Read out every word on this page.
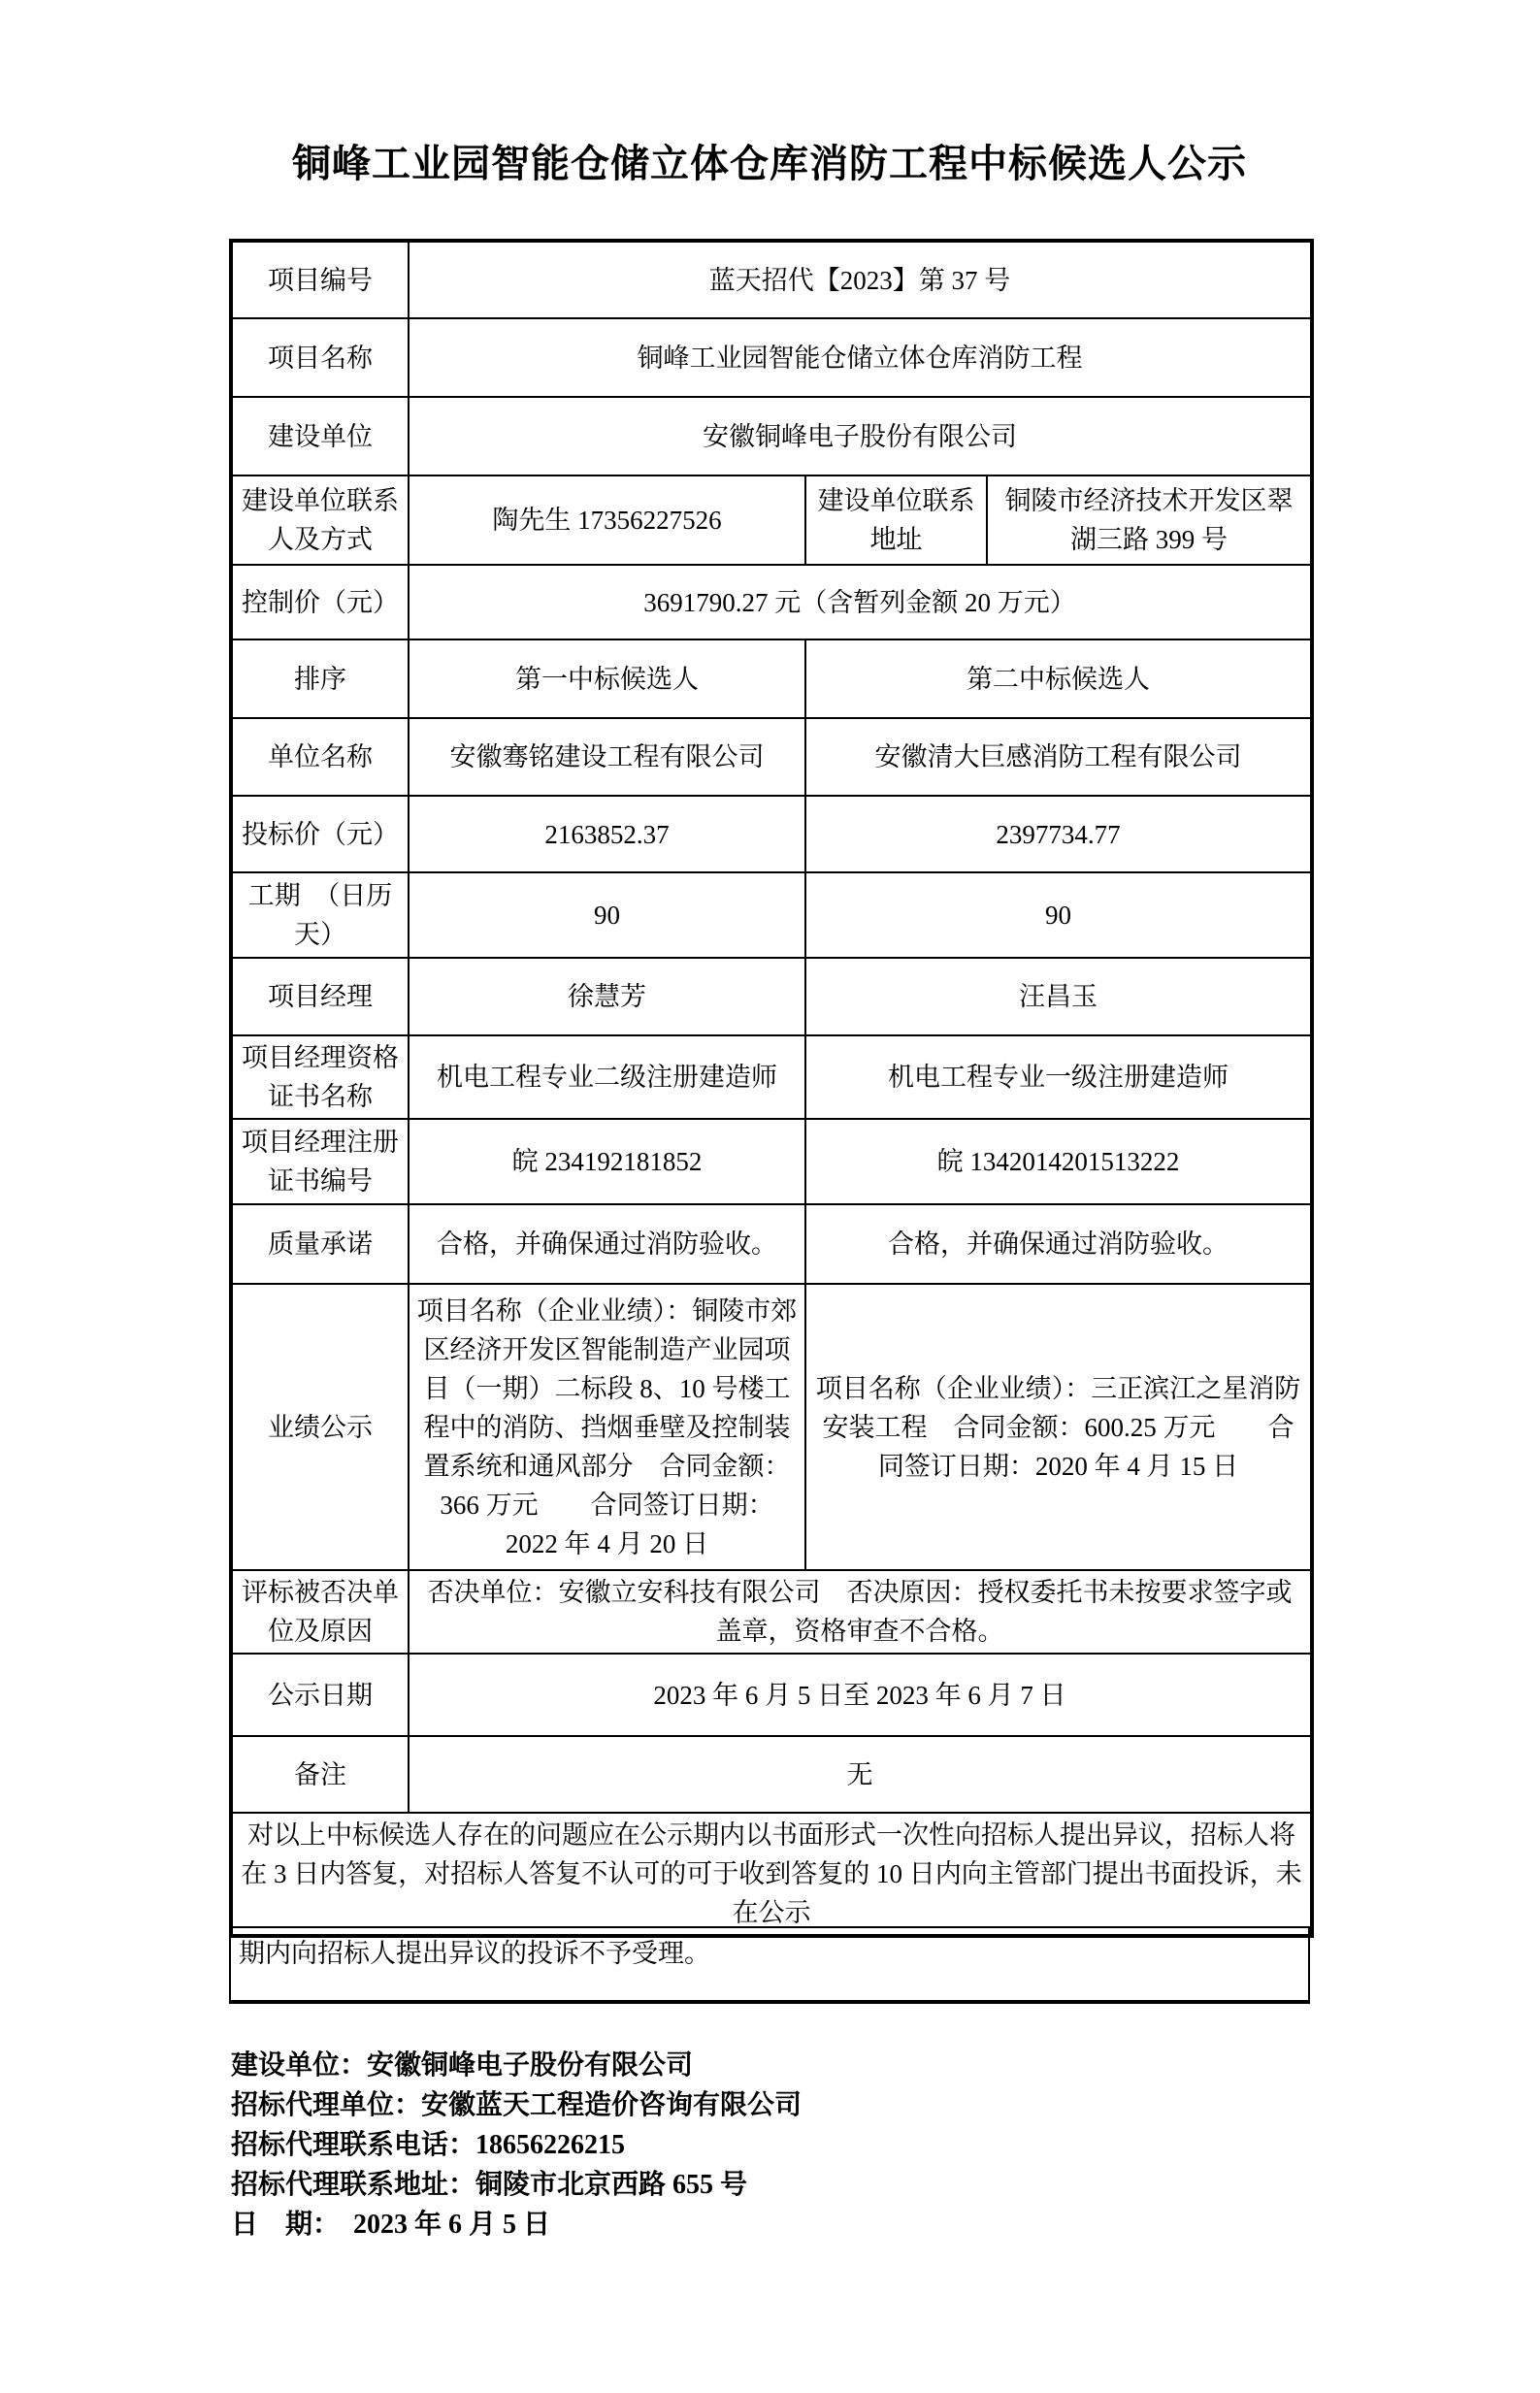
铜峰工业园智能仓储立体仓库消防工程中标候选人公示
项目编号	蓝天招代【2023】第 37 号		
项目名称	铜峰工业园智能仓储立体仓库消防工程		
建设单位	安徽铜峰电子股份有限公司		
建设单位联系人及方式	陶先生 17356227526	建设单位联系地址	铜陵市经济技术开发区翠湖三路 399 号
控制价（元）	3691790.27 元（含暂列金额 20 万元）		
排序	第一中标候选人	第二中标候选人	
单位名称	安徽骞铭建设工程有限公司	安徽清大巨感消防工程有限公司	
投标价（元）	2163852.37	2397734.77	
工期　（日历天）	90	90	
项目经理	徐慧芳	汪昌玉	
项目经理资格证书名称	机电工程专业二级注册建造师	机电工程专业一级注册建造师	
项目经理注册证书编号	皖 234192181852	皖 1342014201513222	
质量承诺	合格，并确保通过消防验收。	合格，并确保通过消防验收。	
业绩公示	项目名称（企业业绩）：铜陵市郊区经济开发区智能制造产业园项目（一期）二标段 8、10 号楼工程中的消防、挡烟垂壁及控制装置系统和通风部分　合同金额：366 万元　　合同签订日期：2022 年 4 月 20 日	项目名称（企业业绩）：三正滨江之星消防安装工程　合同金额：600.25 万元　　合同签订日期：2020 年 4 月 15 日	
评标被否决单位及原因	否决单位：安徽立安科技有限公司　否决原因：授权委托书未按要求签字或盖章，资格审查不合格。		
公示日期	2023 年 6 月 5 日至 2023 年 6 月 7 日		
备注	无		
对以上中标候选人存在的问题应在公示期内以书面形式一次性向招标人提出异议，招标人将在 3 日内答复，对招标人答复不认可的可于收到答复的 10 日内向主管部门提出书面投诉，未在公示			
期内向招标人提出异议的投诉不予受理。

建设单位：安徽铜峰电子股份有限公司

招标代理单位：安徽蓝天工程造价咨询有限公司

招标代理联系电话：18656226215

招标代理联系地址：铜陵市北京西路 655 号

日　期：　2023 年 6 月 5 日
